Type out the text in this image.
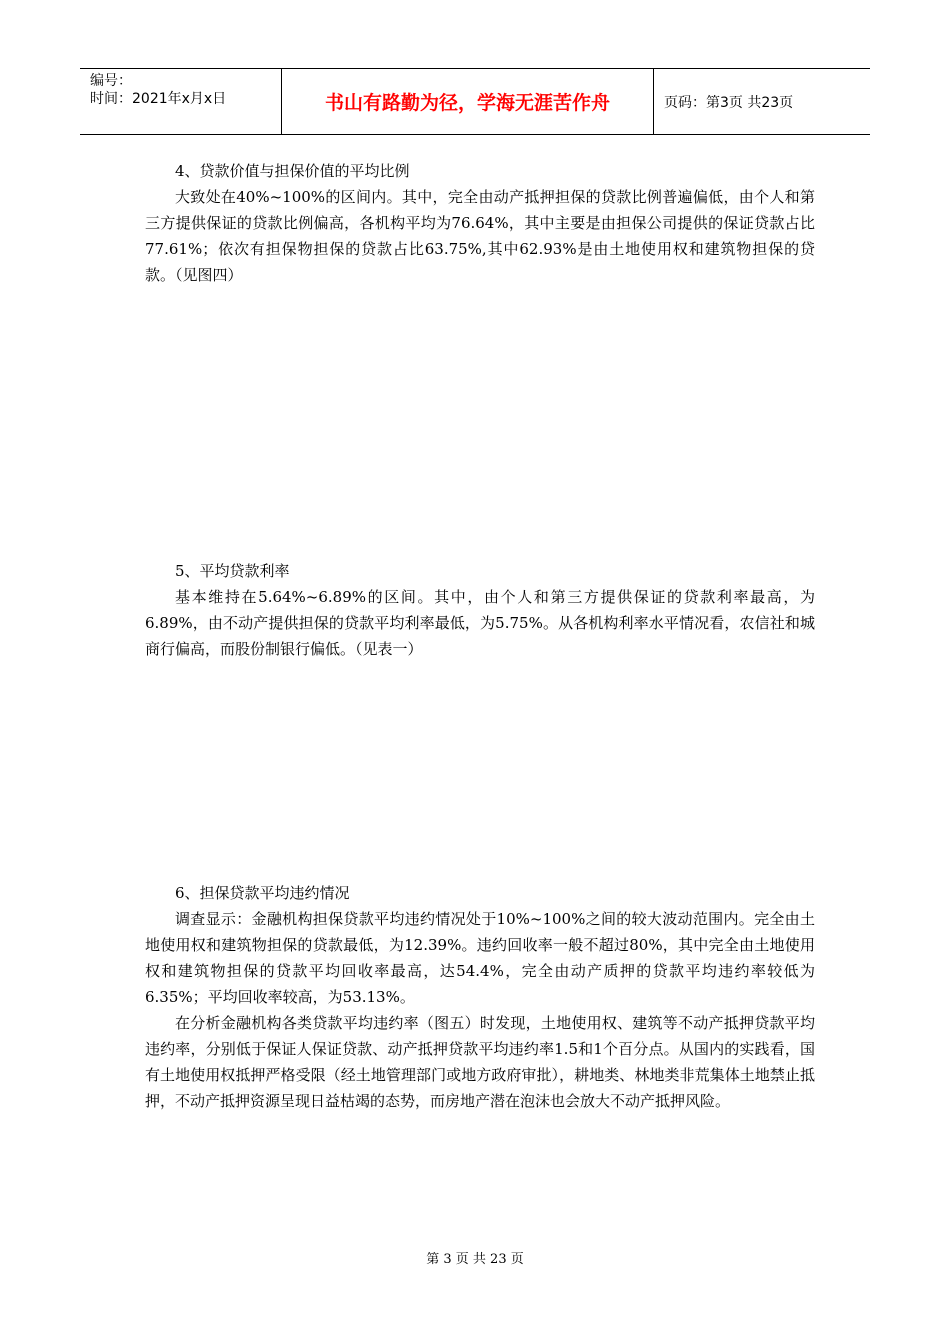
编号：
时间：2021年x月x日	书山有路勤为径，学海无涯苦作舟	页码：第3页 共23页
4、贷款价值与担保价值的平均比例

大致处在40%~100%的区间内。其中，完全由动产抵押担保的贷款比例普遍偏低，由个人和第三方提供保证的贷款比例偏高，各机构平均为76.64%，其中主要是由担保公司提供的保证贷款占比77.61%；依次有担保物担保的贷款占比63.75%,其中62.93%是由土地使用权和建筑物担保的贷款。（见图四）

5、平均贷款利率

基本维持在5.64%~6.89%的区间。其中，由个人和第三方提供保证的贷款利率最高，为6.89%，由不动产提供担保的贷款平均利率最低，为5.75%。从各机构利率水平情况看，农信社和城商行偏高，而股份制银行偏低。（见表一）

6、担保贷款平均违约情况

调查显示：金融机构担保贷款平均违约情况处于10%~100%之间的较大波动范围内。完全由土地使用权和建筑物担保的贷款最低，为12.39%。违约回收率一般不超过80%，其中完全由土地使用权和建筑物担保的贷款平均回收率最高，达54.4%，完全由动产质押的贷款平均违约率较低为6.35%；平均回收率较高，为53.13%。

在分析金融机构各类贷款平均违约率（图五）时发现，土地使用权、建筑等不动产抵押贷款平均违约率，分别低于保证人保证贷款、动产抵押贷款平均违约率1.5和1个百分点。从国内的实践看，国有土地使用权抵押严格受限（经土地管理部门或地方政府审批），耕地类、林地类非荒集体土地禁止抵押，不动产抵押资源呈现日益枯竭的态势，而房地产潜在泡沫也会放大不动产抵押风险。

第 3 页 共 23 页
